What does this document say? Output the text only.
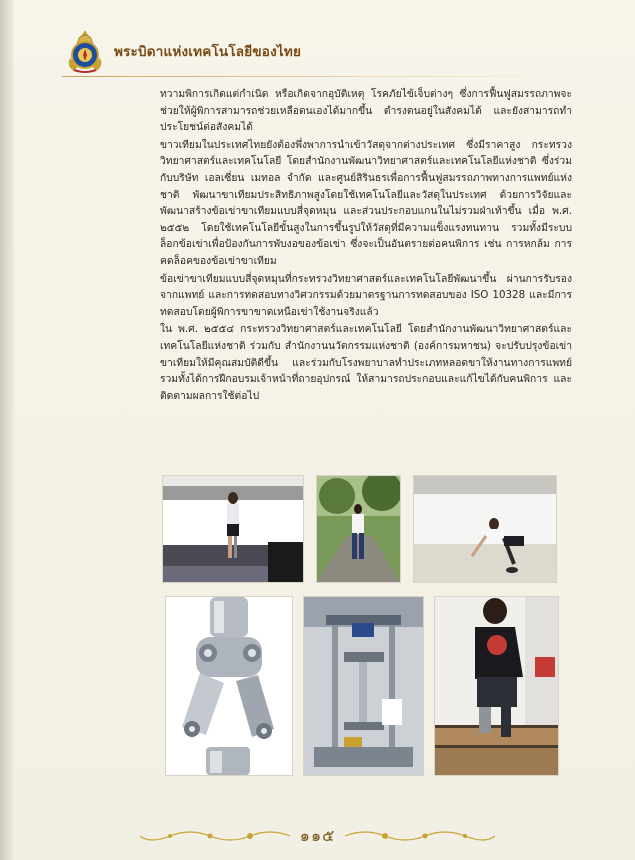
พระบิดาแห่งเทคโนโลยีของไทย

ทวามพิการเกิดแต่กำเนิด หรือเกิดจากอุบัติเหตุ โรคภัยไข้เจ็บต่างๆ ซึ่งการฟื้นฟูสมรรถภาพจะช่วยให้ผู้พิการสามารถช่วยเหลือตนเองได้มากขึ้น ดำรงตนอยู่ในสังคมได้ และยังสามารถทำประโยชน์ต่อสังคมได้

ขาวเทียมในประเทศไทยยังต้องพึ่งพาการนำเข้าวัสดุจากต่างประเทศ ซึ่งมีราคาสูง กระทรวงวิทยาศาสตร์และเทคโนโลยี โดยสำนักงานพัฒนาวิทยาศาสตร์และเทคโนโลยีแห่งชาติ ซึ่งร่วมกับบริษัท เอลเซี่ยน เมทอล จำกัด และศูนย์สิรินธรเพื่อการฟื้นฟูสมรรถภาพทางการแพทย์แห่งชาติ พัฒนาขาเทียมประสิทธิภาพสูงโดยใช้เทคโนโลยีและวัสดุในประเทศ ด้วยการวิจัยและพัฒนาสร้างข้อเข่าขาเทียมแบบสี่จุดหมุน และส่วนประกอบแกนในไม่รวมฝ่าเท้าขึ้น เมื่อ พ.ศ. ๒๕๕๒ โดยใช้เทคโนโลยีขั้นสูงในการขึ้นรูปให้วัสดุที่มีความแข็งแรงทนทาน รวมทั้งมีระบบล็อกข้อเข่าเพื่อป้องกันการพับงอของข้อเข่า ซึ่งจะเป็นอันตรายต่อคนพิการ เช่น การหกล้ม การคดล็อคของข้อเข่าขาเทียม

ข้อเข่าขาเทียมแบบสี่จุดหมุนที่กระทรวงวิทยาศาสตร์และเทคโนโลยีพัฒนาขึ้น ผ่านการรับรองจากแพทย์ และการทดสอบทางวิศวกรรมด้วยมาตรฐานการทดสอบของ ISO 10328 และมีการทดสอบโดยผู้พิการขาขาดเหนือเข่าใช้งานจริงแล้ว

ใน พ.ศ. ๒๕๕๔ กระทรวงวิทยาศาสตร์และเทคโนโลยี โดยสำนักงานพัฒนาวิทยาศาสตร์และเทคโนโลยีแห่งชาติ ร่วมกับ สำนักงานนวัตกรรมแห่งชาติ (องค์การมหาชน) จะปรับปรุงข้อเข่าขาเทียมให้มีคุณสมบัติดีขึ้น และร่วมกับโรงพยาบาลทำประเภทหลอดขาให้งานทางการแพทย์ รวมทั้งได้การฝึกอบรมเจ้าหน้าที่ถายอุปกรณ์ ให้สามารถประกอบและแก้ไขได้กับคนพิการ และติดตามผลการใช้ต่อไป

๑๑๕
